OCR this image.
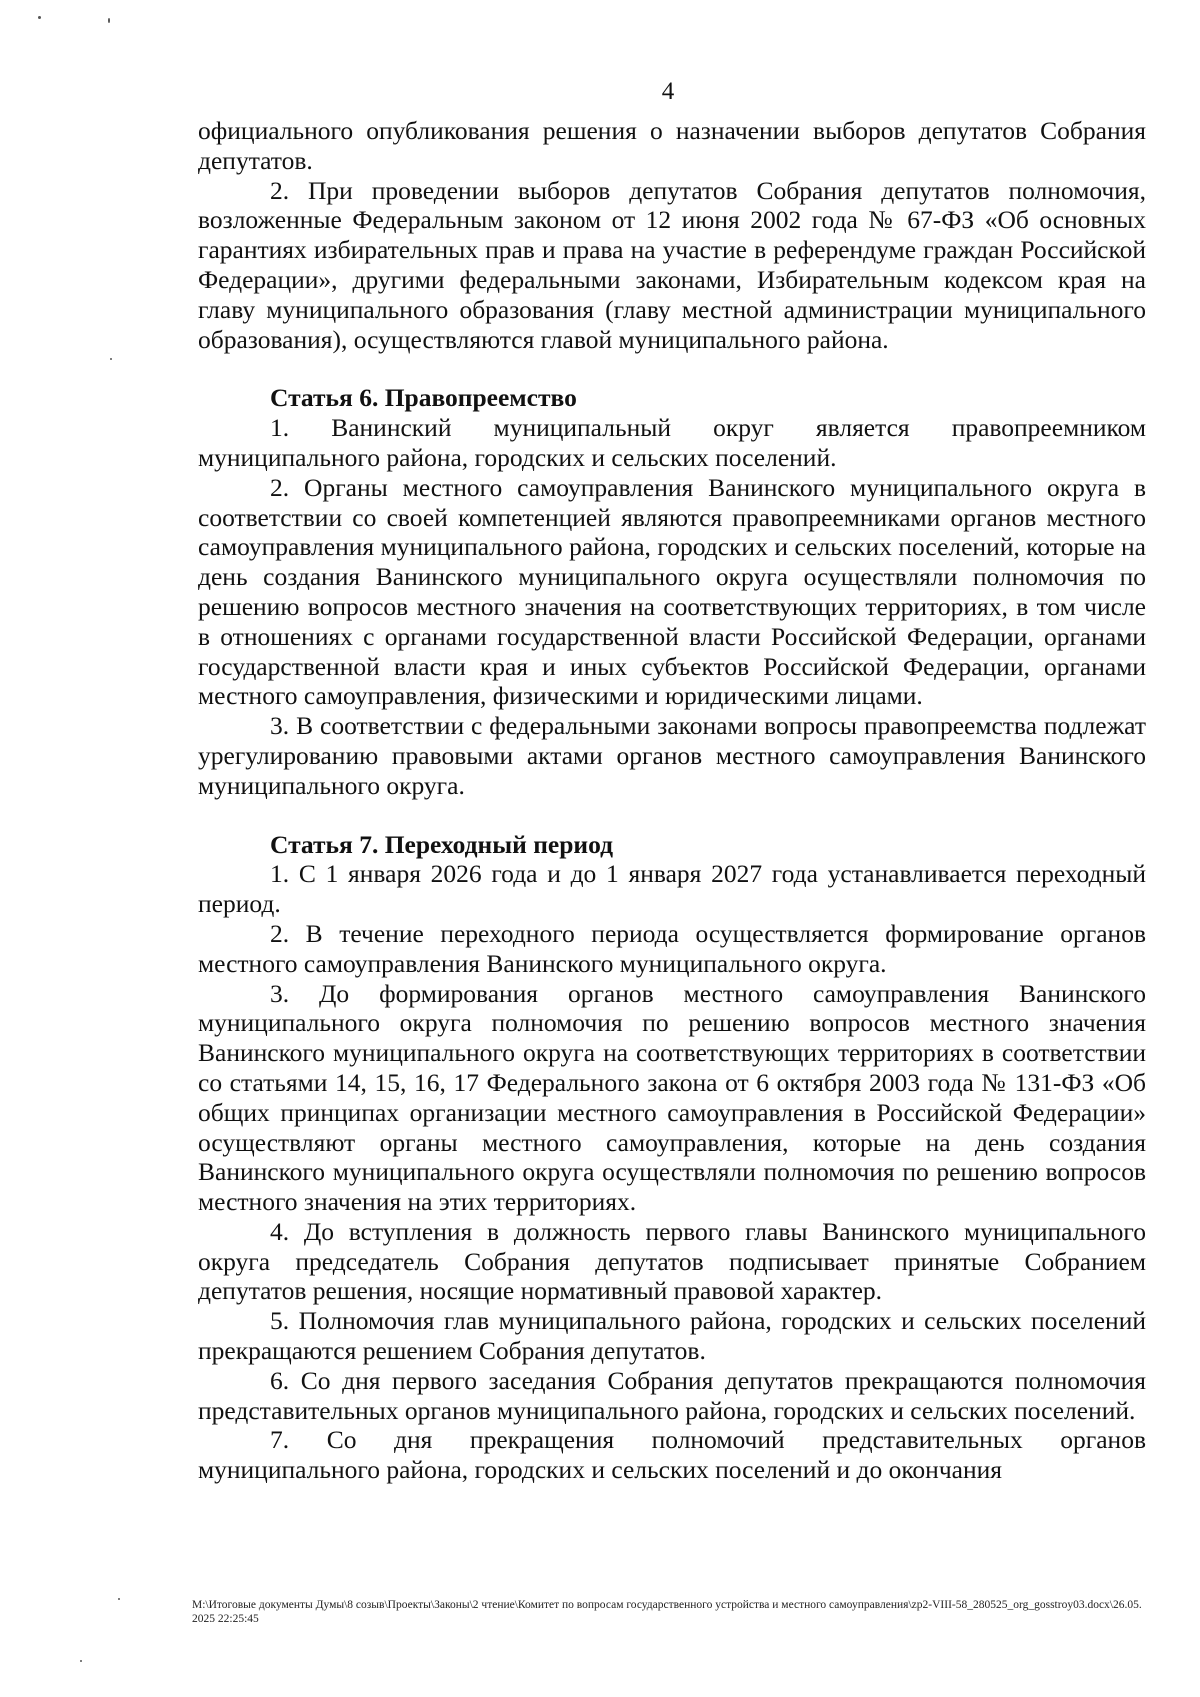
4

официального опубликования решения о назначении выборов депутатов Собрания депутатов.

2. При проведении выборов депутатов Собрания депутатов полномочия, возложенные Федеральным законом от 12 июня 2002 года № 67-ФЗ «Об основных гарантиях избирательных прав и права на участие в референдуме граждан Российской Федерации», другими федеральными законами, Избирательным кодексом края на главу муниципального образования (главу местной администрации муниципального образования), осуществляются главой муниципального района.

Статья 6. Правопреемство

1. Ванинский муниципальный округ является правопреемником муниципального района, городских и сельских поселений.

2. Органы местного самоуправления Ванинского муниципального округа в соответствии со своей компетенцией являются правопреемниками органов местного самоуправления муниципального района, городских и сельских поселений, которые на день создания Ванинского муниципального округа осуществляли полномочия по решению вопросов местного значения на соответствующих территориях, в том числе в отношениях с органами государственной власти Российской Федерации, органами государственной власти края и иных субъектов Российской Федерации, органами местного самоуправления, физическими и юридическими лицами.

3. В соответствии с федеральными законами вопросы правопреемства подлежат урегулированию правовыми актами органов местного самоуправления Ванинского муниципального округа.

Статья 7. Переходный период

1. С 1 января 2026 года и до 1 января 2027 года устанавливается переходный период.

2. В течение переходного периода осуществляется формирование органов местного самоуправления Ванинского муниципального округа.

3. До формирования органов местного самоуправления Ванинского муниципального округа полномочия по решению вопросов местного значения Ванинского муниципального округа на соответствующих территориях в соответствии со статьями 14, 15, 16, 17 Федерального закона от 6 октября 2003 года № 131-ФЗ «Об общих принципах организации местного самоуправления в Российской Федерации» осуществляют органы местного самоуправления, которые на день создания Ванинского муниципального округа осуществляли полномочия по решению вопросов местного значения на этих территориях.

4. До вступления в должность первого главы Ванинского муниципального округа председатель Собрания депутатов подписывает принятые Собранием депутатов решения, носящие нормативный правовой характер.

5. Полномочия глав муниципального района, городских и сельских поселений прекращаются решением Собрания депутатов.

6. Со дня первого заседания Собрания депутатов прекращаются полномочия представительных органов муниципального района, городских и сельских поселений.

7. Со дня прекращения полномочий представительных органов муниципального района, городских и сельских поселений и до окончания

M:\Итоговые документы Думы\8 созыв\Проекты\Законы\2 чтение\Комитет по вопросам государственного устройства и местного самоуправления\zp2-VIII-58_280525_org_gosstroy03.docx\26.05.2025 22:25:45
